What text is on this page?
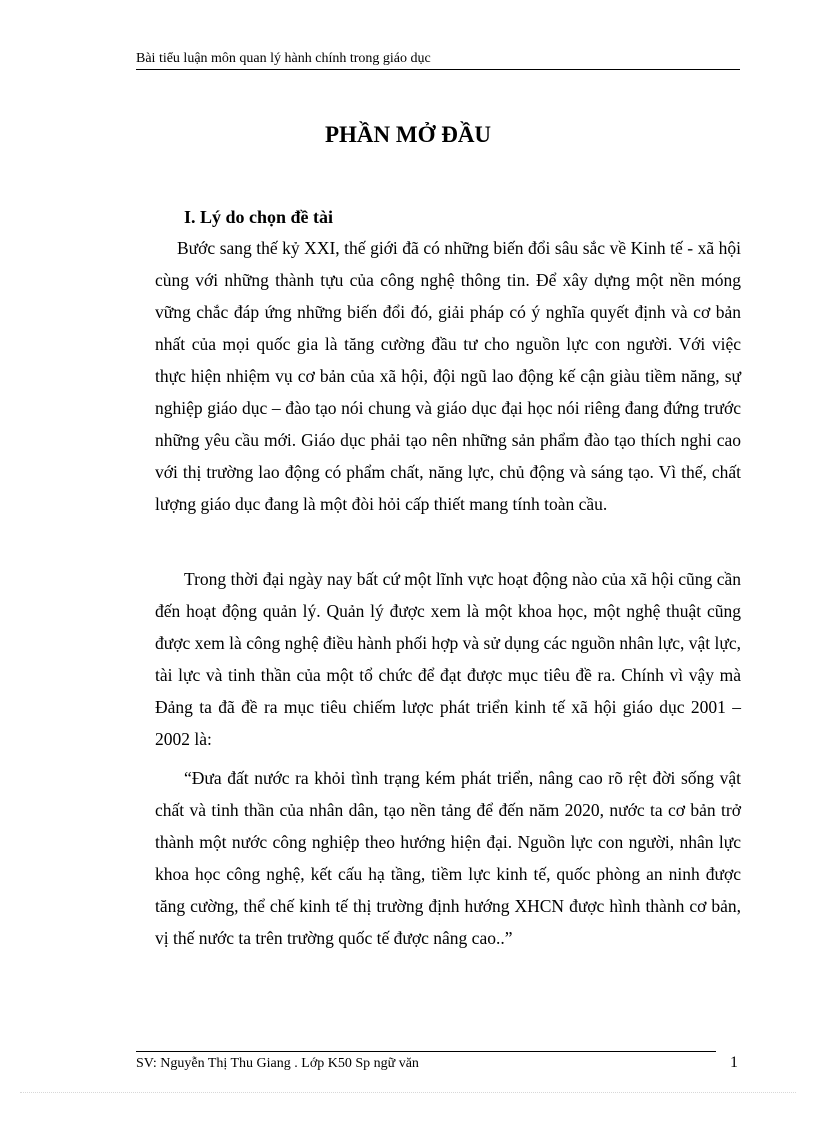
Bài tiểu luận môn quan lý hành chính trong giáo dục
PHẦN MỞ ĐẦU
I. Lý do chọn đề tài

Bước sang thế kỷ XXI, thế giới đã có những biến đổi sâu sắc về Kinh tế - xã hội cùng với những thành tựu của công nghệ thông tin. Để xây dựng một nền móng vững chắc đáp ứng những biến đổi đó, giải pháp có ý nghĩa quyết định và cơ bản nhất của mọi quốc gia là tăng cường đầu tư cho nguồn lực con người. Với việc thực hiện nhiệm vụ cơ bản của xã hội, đội ngũ lao động kế cận giàu tiềm năng, sự nghiệp giáo dục – đào tạo nói chung và giáo dục đại học nói riêng đang đứng trước những yêu cầu mới. Giáo dục phải tạo nên những sản phẩm đào tạo thích nghi cao với thị trường lao động có phẩm chất, năng lực, chủ động và sáng tạo. Vì thế, chất lượng giáo dục đang là một đòi hỏi cấp thiết mang tính toàn cầu.

Trong thời đại ngày nay bất cứ một lĩnh vực hoạt động nào của xã hội cũng cần đến hoạt động quản lý. Quản lý được xem là một khoa học, một nghệ thuật cũng được xem là công nghệ điều hành phối hợp và sử dụng các nguồn nhân lực, vật lực, tài lực và tinh thần của một tổ chức để đạt được mục tiêu đề ra. Chính vì vậy mà Đảng ta đã đề ra mục tiêu chiếm lược phát triển kinh tế xã hội giáo dục 2001 – 2002 là:

“Đưa đất nước ra khỏi tình trạng kém phát triển, nâng cao rõ rệt đời sống vật chất và tinh thần của nhân dân, tạo nền tảng để đến năm 2020, nước ta cơ bản trở thành một nước công nghiệp theo hướng hiện đại. Nguồn lực con người, nhân lực khoa học công nghệ, kết cấu hạ tầng, tiềm lực kinh tế, quốc phòng an ninh được tăng cường, thể chế kinh tế thị trường định hướng XHCN được hình thành cơ bản, vị thế nước ta trên trường quốc tế được nâng cao..”

SV: Nguyễn Thị Thu Giang . Lớp K50 Sp ngữ văn	1
